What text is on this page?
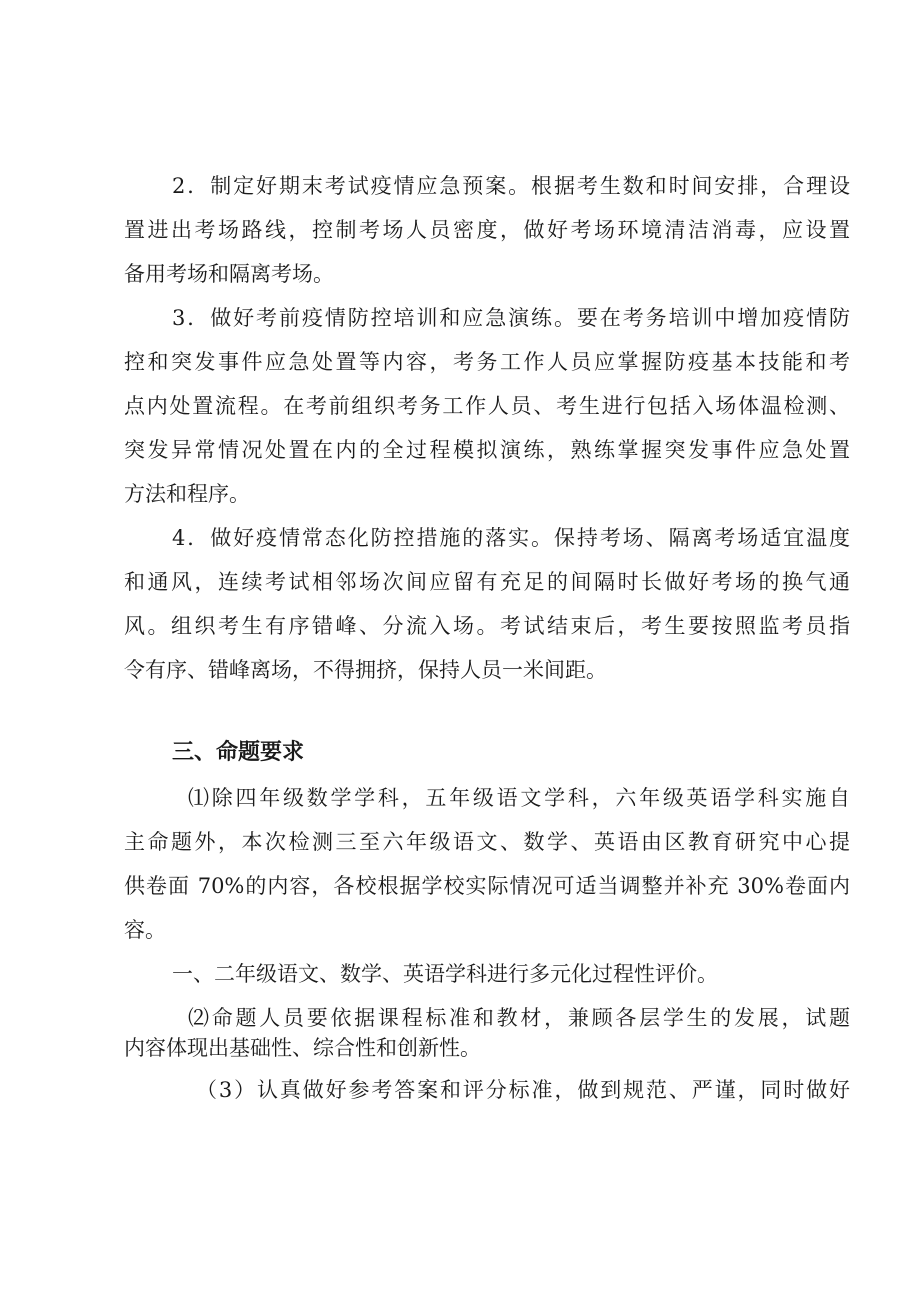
2．制定好期末考试疫情应急预案。根据考生数和时间安排，合理设
置进出考场路线，控制考场人员密度，做好考场环境清洁消毒，应设置
备用考场和隔离考场。
3．做好考前疫情防控培训和应急演练。要在考务培训中增加疫情防
控和突发事件应急处置等内容，考务工作人员应掌握防疫基本技能和考
点内处置流程。在考前组织考务工作人员、考生进行包括入场体温检测、
突发异常情况处置在内的全过程模拟演练，熟练掌握突发事件应急处置
方法和程序。
4．做好疫情常态化防控措施的落实。保持考场、隔离考场适宜温度
和通风，连续考试相邻场次间应留有充足的间隔时长做好考场的换气通
风。组织考生有序错峰、分流入场。考试结束后，考生要按照监考员指
令有序、错峰离场，不得拥挤，保持人员一米间距。
三、命题要求
⑴除四年级数学学科，五年级语文学科，六年级英语学科实施自
主命题外，本次检测三至六年级语文、数学、英语由区教育研究中心提
供卷面 70%的内容，各校根据学校实际情况可适当调整并补充 30%卷面内
容。
一、二年级语文、数学、英语学科进行多元化过程性评价。
⑵命题人员要依据课程标准和教材，兼顾各层学生的发展，试题
内容体现出基础性、综合性和创新性。
（3）认真做好参考答案和评分标准，做到规范、严谨，同时做好
